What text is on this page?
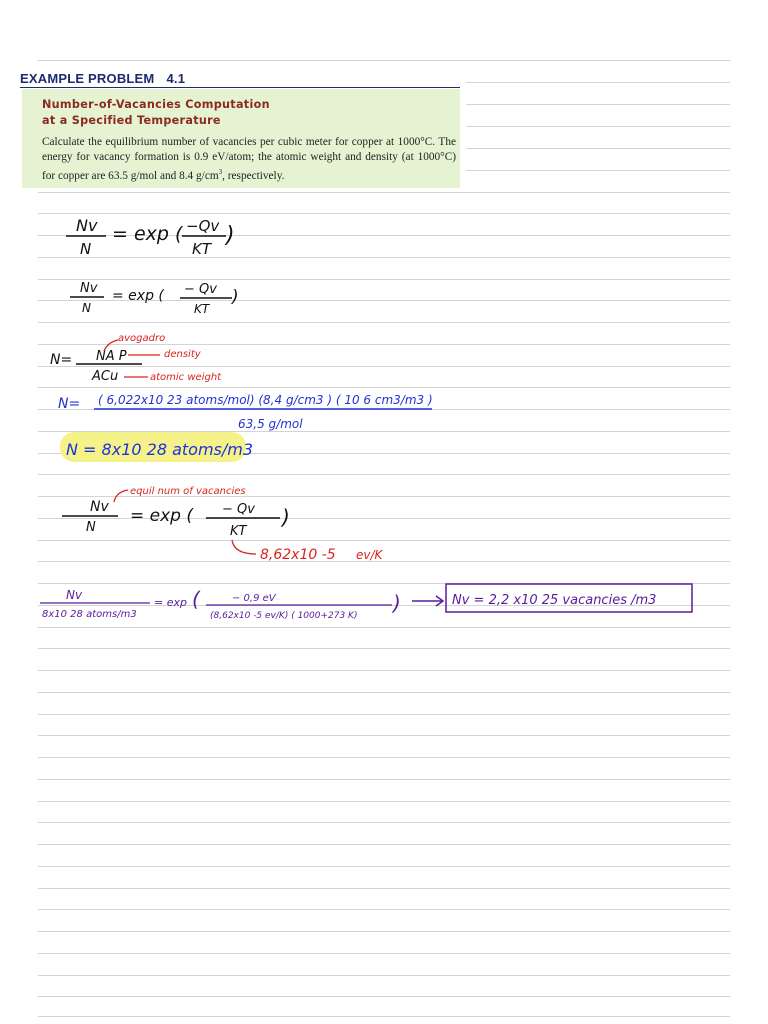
EXAMPLE PROBLEM 4.1
Number-of-Vacancies Computation
at a Specified Temperature
Calculate the equilibrium number of vacancies per cubic meter for copper at 1000°C. The energy for vacancy formation is 0.9 eV/atom; the atomic weight and density (at 1000°C) for copper are 63.5 g/mol and 8.4 $g/cm^3$, respectively.
Nv
N
= exp ( −Qv
KT
)
Nv
N
= exp ( − Qv
KT
)
N= NA P
ACu
avogadro
density
atomic weight
N= ( 6,022x10 23 atoms/mol) (8,4 g/cm3 ) ( 10 6 cm3/m3 )
63,5 g/mol
N = 8x10 28 atoms/m3
Nv
N
= exp ( − Qv
KT
)
equil num of vacancies
8,62x10 -5 ev/K
Nv
8x10 28 atoms/m3
= exp (	− 0,9 eV
(8,62x10 -5 ev/K) ( 1000+273 K)
)	Nv = 2,2 x10 25 vacancies /m3
